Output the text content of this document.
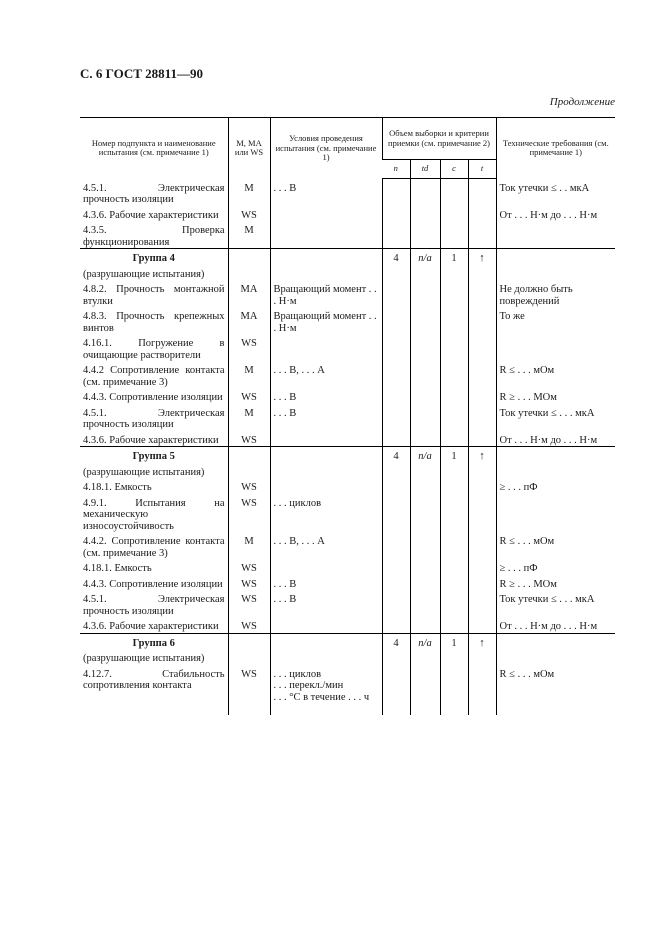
С. 6 ГОСТ 28811—90
Продолжение
Номер подпункта и наименование испытания (см. примечание 1)	М, МА или WS	Условия проведения испытания (см. примечание 1)	Объем выборки и критерии приемки (см. примечание 2)				Технические требования (см. примечание 1)
			n	td	c	t	
4.5.1. Электрическая прочность изоляции	М	. . . В					Ток утечки ≤ . . мкА
4.3.6. Рабочие характеристики	WS						От . . . Н·м до . . . Н·м
4.3.5. Проверка функционирования	М						
Группа 4			4	n/a	1	↑	
(разрушающие испытания)							
4.8.2. Прочность монтажной втулки	МА	Вращающий момент . . . Н·м					Не должно быть повреждений
4.8.3. Прочность крепежных винтов	МА	Вращающий момент . . . Н·м					То же
4.16.1. Погружение в очищающие растворители	WS						
4.4.2 Сопротивление контакта (см. примечание 3)	М	. . . В, . . . А					R ≤ . . . мОм
4.4.3. Сопротивление изоляции	WS	. . . В					R ≥ . . . МОм
4.5.1. Электрическая прочность изоляции	М	. . . В					Ток утечки ≤ . . . мкА
4.3.6. Рабочие характеристики	WS						От . . . Н·м до . . . Н·м
Группа 5			4	n/a	1	↑	
(разрушающие испытания)							
4.18.1. Емкость	WS						≥ . . . пФ
4.9.1. Испытания на механическую износоустойчивость	WS	. . . циклов					
4.4.2. Сопротивление контакта (см. примечание 3)	М	. . . В, . . . А					R ≤ . . . мОм
4.18.1. Емкость	WS						≥ . . . пФ
4.4.3. Сопротивление изоляции	WS	. . . В					R ≥ . . . МОм
4.5.1. Электрическая прочность изоляции	WS	. . . В					Ток утечки ≤ . . . мкА
4.3.6. Рабочие характеристики	WS						От . . . Н·м до . . . Н·м
Группа 6			4	n/a	1	↑	
(разрушающие испытания)							
4.12.7. Стабильность сопротивления контакта	WS	. . . циклов
. . . перекл./мин
. . . °С в течение . . . ч					R ≤ . . . мОм
